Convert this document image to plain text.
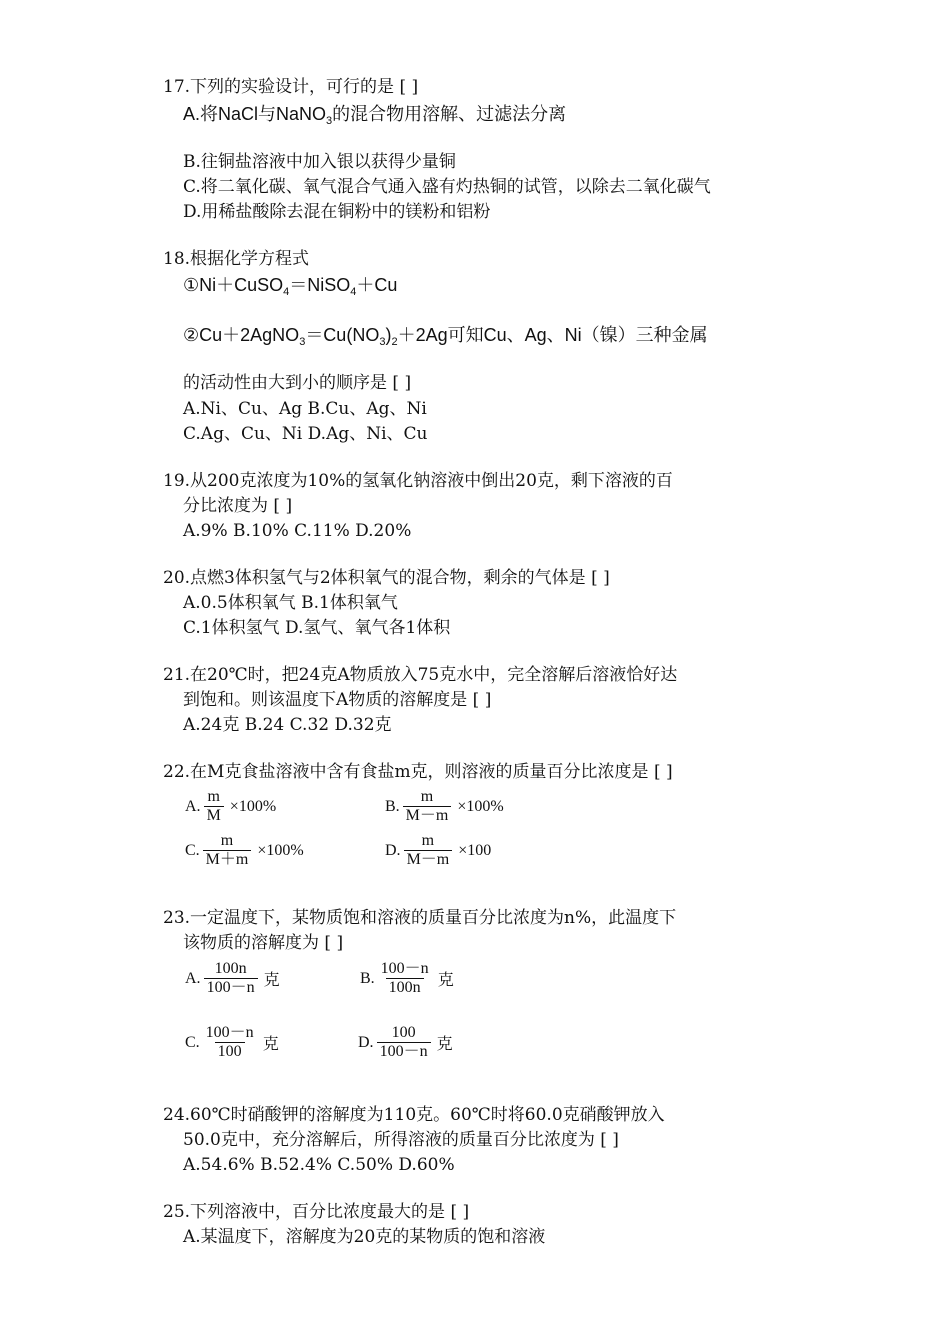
17.下列的实验设计，可行的是 [ ]
A.将NaCl与NaNO$_3$的混合物用溶解、过滤法分离
B.往铜盐溶液中加入银以获得少量铜
C.将二氧化碳、氧气混合气通入盛有灼热铜的试管，以除去二氧化碳气
D.用稀盐酸除去混在铜粉中的镁粉和铝粉
18.根据化学方程式
①Ni＋CuSO$_4$＝NiSO$_4$＋Cu
$②Cu+2AgNO_3=Cu(NO_3)_2+2Ag$可知Cu、Ag、Ni（镍）三种金属
的活动性由大到小的顺序是 [ ]
A.Ni、Cu、Ag B.Cu、Ag、Ni
C.Ag、Cu、Ni D.Ag、Ni、Cu
19.从200克浓度为10%的氢氧化钠溶液中倒出20克，剩下溶液的百
分比浓度为 [ ]
A.9% B.10% C.11% D.20%
20.点燃3体积氢气与2体积氧气的混合物，剩余的气体是 [ ]
A.0.5体积氧气 B.1体积氧气
C.1体积氢气 D.氢气、氧气各1体积
21.在20℃时，把24克A物质放入75克水中，完全溶解后溶液恰好达
到饱和。则该温度下A物质的溶解度是 [ ]
A.24克 B.24 C.32 D.32克
22.在M克食盐溶液中含有食盐m克，则溶液的质量百分比浓度是 [ ]
A. $\frac{m}{M} \times 100\%$	B. $\frac{m}{M-m} \times 100\%$
C. $\frac{m}{M+m} \times 100\%$	D. $\frac{m}{M-m} \times 100$
23.一定温度下，某物质饱和溶液的质量百分比浓度为n%，此温度下
该物质的溶解度为 [ ]
A. $\frac{100n}{100-n}$ 克	B. $\frac{100-n}{100n}$ 克
C. $\frac{100-n}{100}$ 克	D. $\frac{100}{100-n}$ 克
24.60℃时硝酸钾的溶解度为110克。60℃时将60.0克硝酸钾放入
50.0克中，充分溶解后，所得溶液的质量百分比浓度为 [ ]
A.54.6% B.52.4% C.50% D.60%
25.下列溶液中，百分比浓度最大的是 [ ]
A.某温度下，溶解度为20克的某物质的饱和溶液
